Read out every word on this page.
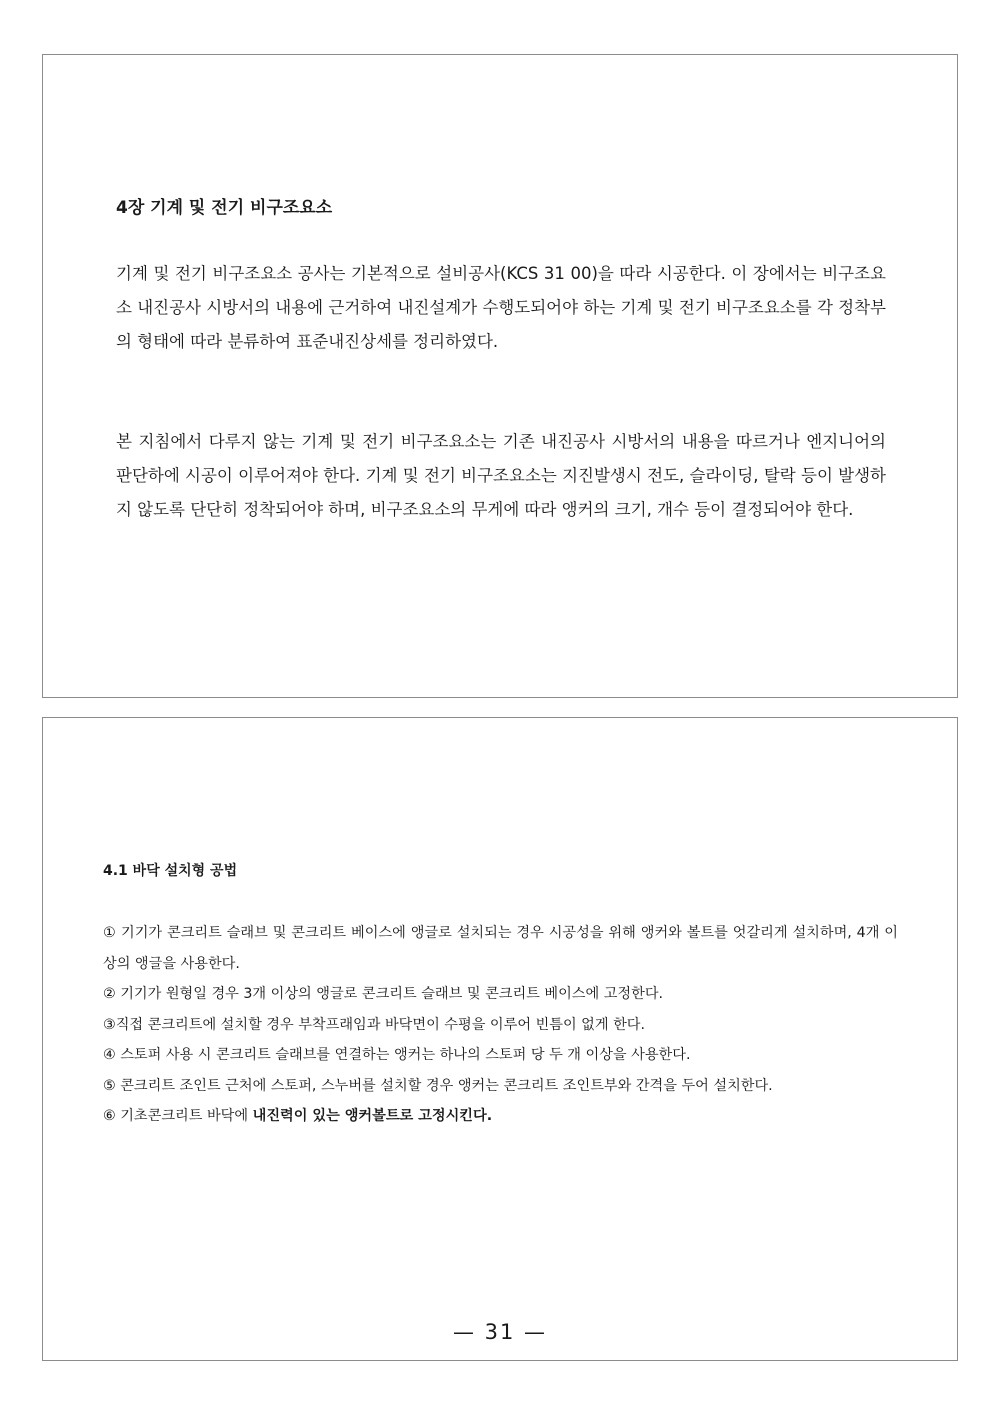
4장 기계 및 전기 비구조요소

기계 및 전기 비구조요소 공사는 기본적으로 설비공사(KCS 31 00)을 따라 시공한다. 이 장에서는 비구조요소 내진공사 시방서의 내용에 근거하여 내진설계가 수행도되어야 하는 기계 및 전기 비구조요소를 각 정착부의 형태에 따라 분류하여 표준내진상세를 정리하였다.

본 지침에서 다루지 않는 기계 및 전기 비구조요소는 기존 내진공사 시방서의 내용을 따르거나 엔지니어의 판단하에 시공이 이루어져야 한다. 기계 및 전기 비구조요소는 지진발생시 전도, 슬라이딩, 탈락 등이 발생하지 않도록 단단히 정착되어야 하며, 비구조요소의 무게에 따라 앵커의 크기, 개수 등이 결정되어야 한다.

4.1 바닥 설치형 공법
① 기기가 콘크리트 슬래브 및 콘크리트 베이스에 앵글로 설치되는 경우 시공성을 위해 앵커와 볼트를 엇갈리게 설치하며, 4개 이상의 앵글을 사용한다.
② 기기가 원형일 경우 3개 이상의 앵글로 콘크리트 슬래브 및 콘크리트 베이스에 고정한다.
③직접 콘크리트에 설치할 경우 부착프래임과 바닥면이 수평을 이루어 빈틈이 없게 한다.
④ 스토퍼 사용 시 콘크리트 슬래브를 연결하는 앵커는 하나의 스토퍼 당 두 개 이상을 사용한다.
⑤ 콘크리트 조인트 근처에 스토퍼, 스누버를 설치할 경우 앵커는 콘크리트 조인트부와 간격을 두어 설치한다.
⑥ 기초콘크리트 바닥에 내진력이 있는 앵커볼트로 고정시킨다.
— 31 —
